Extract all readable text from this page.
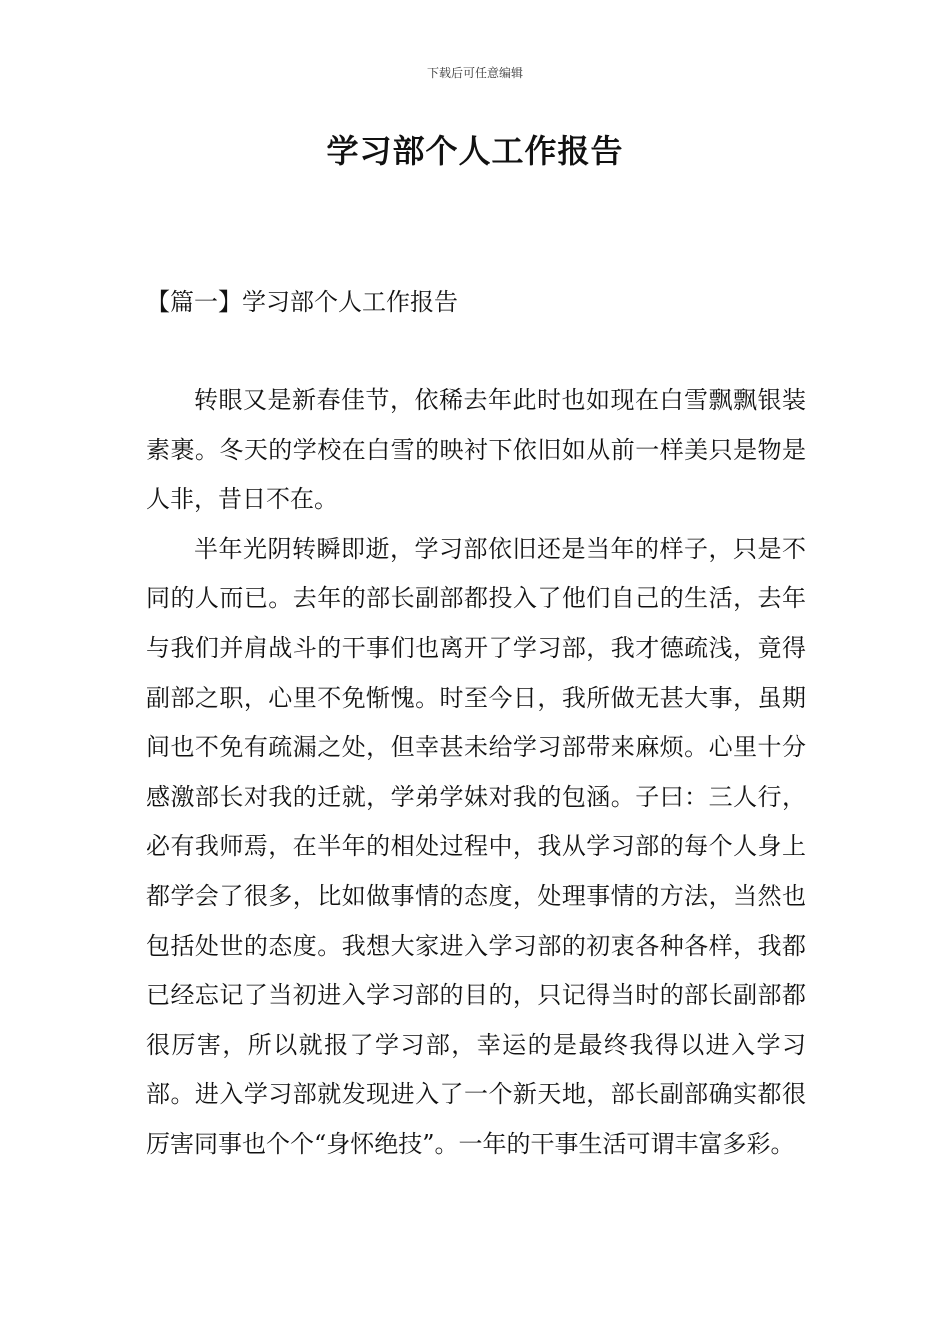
下载后可任意编辑
学习部个人工作报告
【篇一】学习部个人工作报告

转眼又是新春佳节，依稀去年此时也如现在白雪飘飘银装素裹。冬天的学校在白雪的映衬下依旧如从前一样美只是物是人非，昔日不在。

半年光阴转瞬即逝，学习部依旧还是当年的样子，只是不同的人而已。去年的部长副部都投入了他们自己的生活，去年与我们并肩战斗的干事们也离开了学习部，我才德疏浅，竟得副部之职，心里不免惭愧。时至今日，我所做无甚大事，虽期间也不免有疏漏之处，但幸甚未给学习部带来麻烦。心里十分感激部长对我的迁就，学弟学妹对我的包涵。子曰：三人行，必有我师焉，在半年的相处过程中，我从学习部的每个人身上都学会了很多，比如做事情的态度，处理事情的方法，当然也包括处世的态度。我想大家进入学习部的初衷各种各样，我都已经忘记了当初进入学习部的目的，只记得当时的部长副部都很厉害，所以就报了学习部，幸运的是最终我得以进入学习部。进入学习部就发现进入了一个新天地，部长副部确实都很厉害同事也个个“身怀绝技”。一年的干事生活可谓丰富多彩。
